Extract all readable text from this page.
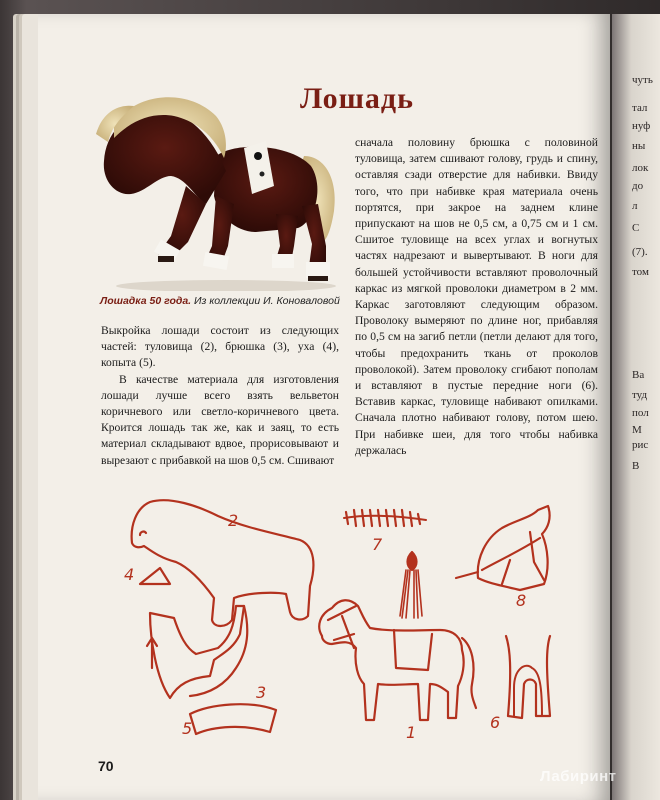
чуть
тал
нуф
ны
лок
до
л
С
(7).
том
Ва
туд
пол
М
рис
В
Лошадь
Лошадка 50 года. Из коллекции И. Коноваловой

Выкройка лошади состоит из следующих частей: туловища (2), брюшка (3), уха (4), копыта (5).

В качестве материала для изготовления лошади лучше всего взять вельветон коричневого или светло-коричневого цвета. Кроится лошадь так же, как и заяц, то есть материал складывают вдвое, прорисовывают и вырезают с прибавкой на шов 0,5 см. Сшивают

сначала половину брюшка с половиной туловища, затем сшивают голову, грудь и спину, оставляя сзади отверстие для набивки. Ввиду того, что при набивке края материала очень портятся, при закрое на заднем клине припускают на шов не 0,5 см, а 0,75 см и 1 см. Сшитое туловище на всех углах и вогнутых частях надрезают и вывертывают. В ноги для большей устойчивости вставляют проволочный каркас из мягкой проволоки диаметром в 2 мм. Каркас заготовляют следующим образом. Проволоку вымеряют по длине ног, прибавляя по 0,5 см на загиб петли (петли делают для того, чтобы предохранить ткань от проколов проволокой). Затем проволоку сгибают пополам и вставляют в пустые передние ноги (6). Вставив каркас, туловище набивают опилками. Сначала плотно набивают голову, потом шею. При набивке шеи, для того чтобы набивка держалась

2
4
3
5
7
8
1
6
70
Лабиринт
